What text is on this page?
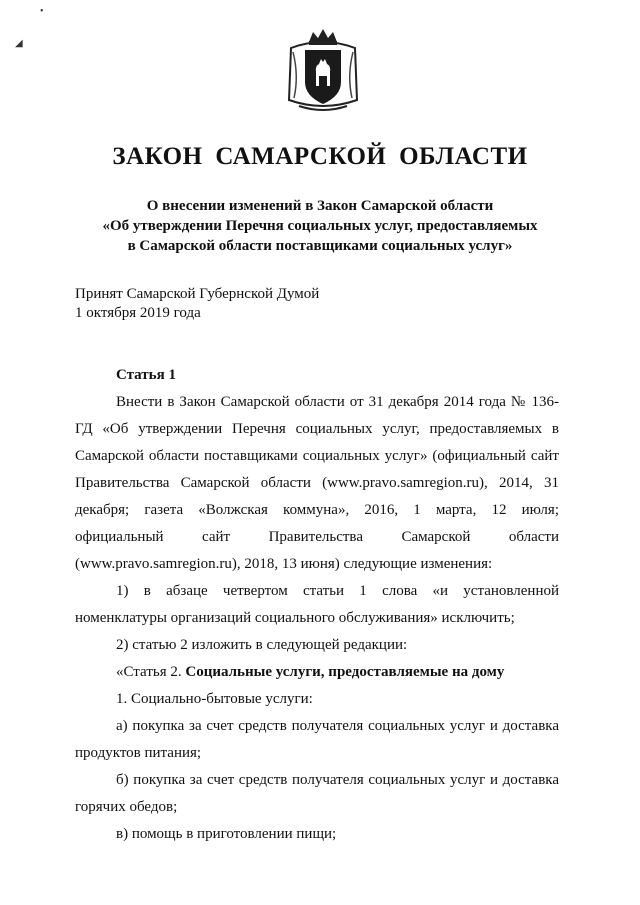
•
◢
ЗАКОН САМАРСКОЙ ОБЛАСТИ
О внесении изменений в Закон Самарской области
«Об утверждении Перечня социальных услуг, предоставляемых
в Самарской области поставщиками социальных услуг»
Принят Самарской Губернской Думой
1 октября 2019 года

Статья 1

Внести в Закон Самарской области от 31 декабря 2014 года № 136-ГД «Об утверждении Перечня социальных услуг, предоставляемых в Самарской области поставщиками социальных услуг» (официальный сайт Правительства Самарской области (www.pravo.samregion.ru), 2014, 31 декабря; газета «Волжская коммуна», 2016, 1 марта, 12 июля; официальный сайт Правительства Самарской области (www.pravo.samregion.ru), 2018, 13 июня) следующие изменения:

1) в абзаце четвертом статьи 1 слова «и установленной номенклатуры организаций социального обслуживания» исключить;

2) статью 2 изложить в следующей редакции:

«Статья 2. Социальные услуги, предоставляемые на дому

1. Социально-бытовые услуги:

а) покупка за счет средств получателя социальных услуг и доставка продуктов питания;

б) покупка за счет средств получателя социальных услуг и доставка горячих обедов;

в) помощь в приготовлении пищи;
